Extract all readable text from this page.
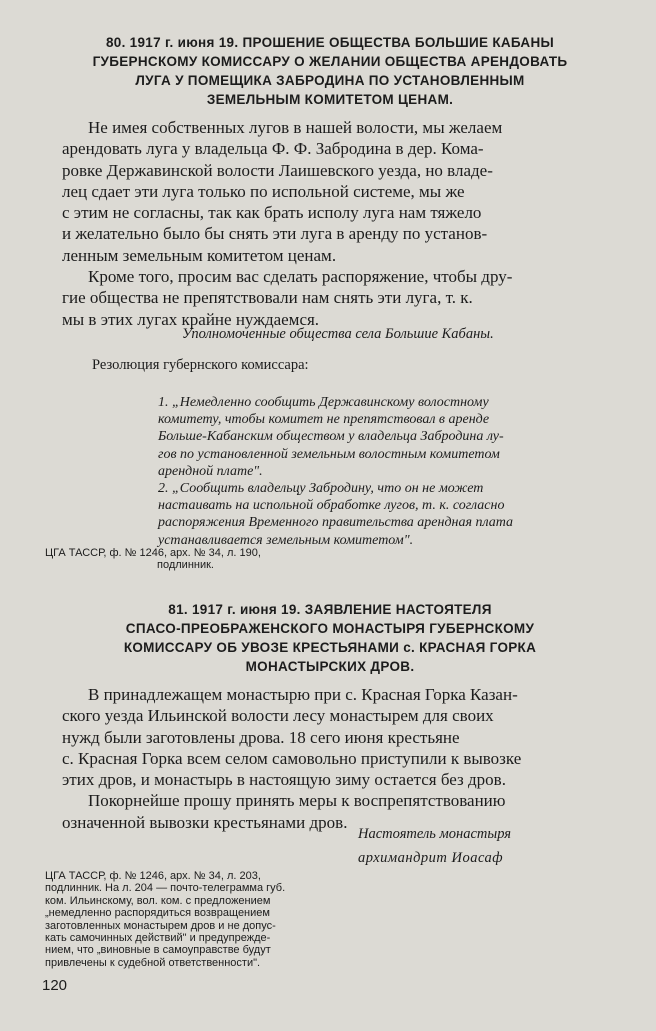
80. 1917 г. июня 19. ПРОШЕНИЕ ОБЩЕСТВА БОЛЬШИЕ КАБАНЫ
ГУБЕРНСКОМУ КОМИССАРУ О ЖЕЛАНИИ ОБЩЕСТВА АРЕНДОВАТЬ
ЛУГА У ПОМЕЩИКА ЗАБРОДИНА ПО УСТАНОВЛЕННЫМ
ЗЕМЕЛЬНЫМ КОМИТЕТОМ ЦЕНАМ.
Не имея собственных лугов в нашей волости, мы желаем
арендовать луга у владельца Ф. Ф. Забродина в дер. Кома-
ровке Державинской волости Лаишевского уезда, но владе-
лец сдает эти луга только по испольной системе, мы же
с этим не согласны, так как брать исполу луга нам тяжело
и желательно было бы снять эти луга в аренду по установ-
ленным земельным комитетом ценам.
Кроме того, просим вас сделать распоряжение, чтобы дру-
гие общества не препятствовали нам снять эти луга, т. к.
мы в этих лугах крайне нуждаемся.
Уполномоченные общества села Большие Кабаны.
Резолюция губернского комиссара:
1. „Немедленно сообщить Державинскому волостному
комитету, чтобы комитет не препятствовал в аренде
Больше-Кабанским обществом у владельца Забродина лу-
гов по установленной земельным волостным комитетом
арендной плате".
2. „Сообщить владельцу Забродину, что он не может
настаивать на испольной обработке лугов, т. к. согласно
распоряжения Временного правительства арендная плата
устанавливается земельным комитетом".
ЦГА ТАССР, ф. № 1246, арх. № 34, л. 190,
подлинник.
81. 1917 г. июня 19. ЗАЯВЛЕНИЕ НАСТОЯТЕЛЯ
СПАСО-ПРЕОБРАЖЕНСКОГО МОНАСТЫРЯ ГУБЕРНСКОМУ
КОМИССАРУ ОБ УВОЗЕ КРЕСТЬЯНАМИ с. КРАСНАЯ ГОРКА
МОНАСТЫРСКИХ ДРОВ.
В принадлежащем монастырю при с. Красная Горка Казан-
ского уезда Ильинской волости лесу монастырем для своих
нужд были заготовлены дрова. 18 сего июня крестьяне
с. Красная Горка всем селом самовольно приступили к вывозке
этих дров, и монастырь в настоящую зиму остается без дров.
Покорнейше прошу принять меры к воспрепятствованию
означенной вывозки крестьянами дров.
Настоятель монастыря
архимандрит Иоасаф
ЦГА ТАССР, ф. № 1246, арх. № 34, л. 203,
подлинник. На л. 204 — почто-телеграмма губ.
ком. Ильинскому, вол. ком. с предложением
„немедленно распорядиться возвращением
заготовленных монастырем дров и не допус-
кать самочинных действий" и предупрежде-
нием, что „виновные в самоуправстве будут
привлечены к судебной ответственности".
120
